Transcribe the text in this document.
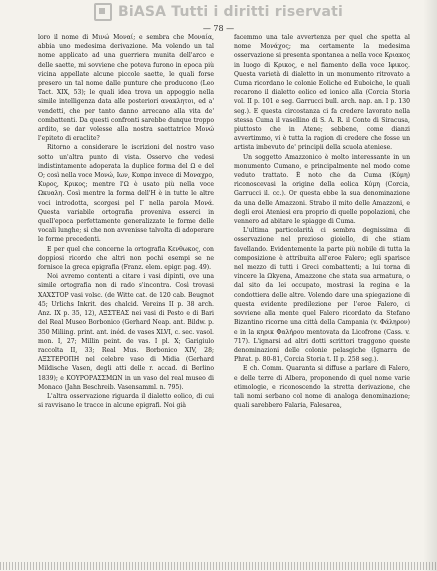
BiASA Tutti i diritti riservati
— 78 —

loro il nome di Μινώ Μοναί; e sembra che Μοναία, abbia uno medesima derivazione. Ma volendo un tal nome applicato ad una guerriera munita dell'arco e delle saette, mi sovviene che poteva furono in epoca più vicina appellate alcune piccole saette, le quali forse presero un tal nome dalle punture che producono (Leo Tact. XIX, 53); le quali idea trova un appoggio nella simile intelligenza data alle posteriori ανακλητοι, ed a' vendetti, che per tanto danno arrecano alla vita de' combattenti. Da questi confronti sarebbe dunque troppo ardito, se dar volesse alla nostra saettatrice Μονώ l'epiteto di eraclite?

Ritorno a considerare le iscrizioni del nostro vaso sotto un'altra punto di vista. Osservo che vedesi indistintamente adoperata la duplice forma del Ω e del Ο; così nella voce Μονώ, Ιων, Κυπρα invece di Μοναχρο, Κυρος, Κρικος; mentre l'Ω è usato più nella voce Ωκυαλη. Così mentre la forma dell'Η è in tutte le altre voci introdotta, scorgesi pel Γ nella parola Μονά. Questa variabile ortografia proveniva esserci in quell'epoca perfettamente generalizzate le forme delle vocali lunghe; sì che non avvenisse talvolta di adoperare le forme precedenti.

E per quel che concerne la ortografia Κενθωκος, con doppiosi ricordo che altri non pochi esempi se ne fornisce la greca epigrafia (Franz. elem. epigr. pag. 49).

Noi avremo contenti a citare i vasi dipinti, ove una simile ortografia non di rado s'incontra. Così trovasi ΧΑΧΣΤΟΡ vasi volsc. (de Witte cat. de 120 cab. Beugnot 45; Urlichs Inkrit. des chalcid. Vereins II p. 38 arch. Anz. IX p. 35, 12), ΑΞΣΤΕΑΣ nei vasi di Pesto e di Bari del Real Museo Borbonico (Gerhard Neap. ant. Bildw. p. 350 Miliing. print. ant. inéd. de vases XLVI, c. sec. vasol. mon. I, 27; Millin peint. de vas. I pl. X; Garigiulo raccolta II, 33; Real Mus. Borbonico XIV, 28; ΑΞΣΤΕΡΟΠΗ nel celebre vaso di Midia (Gerhard Mildische Vasen, degli atti delle r. accad. di Berlino 1839); e ΚΟΥΡΟΡΑΣΣΜΩΝ in un vaso del real museo di Monaco (Jahn Beschreib. Vasensamml. n. 795).

L'altra osservazione riguarda il dialetto eolico, di cui si ravvisano le tracce in alcune epigrafi. Noi già

facemmo una tale avvertenza per quel che spetta al nome Μονάχος; ma certamente la medesima osservazione si presenta spontanea a nella voce Κριακος in luogo di Κρικος, e nel fiamento della voce Ιφικος. Questa varietà di dialetto in un monumento ritrovato a Cuma ricordano le colonie Eoliche ed Euboiche, le quali recarono il dialetto eolico ed ionico alla (Corcia Storia vol. II p. 101 e seg. Garrucci bull. arch. nap. an. I p. 130 seg.). E questa circostanza ci fa credere lavorato nella stessa Cuma il vasellino di S. A. R. il Conte di Siracusa, piuttosto che in Atene; sebbene, come dianzi avvertimmo, vi è tutta la ragion di credere che fosse un artista imbevuto de' principii della scuola ateniese.

Un soggetto Amazzonico è molto interessante in un monumento Cumano, e principalmente nel modo come veduto trattato. È noto che da Cuma (Κύμη) riconoscevasi la origine della eolica Κύμη (Corcia, Garrucci il. cc.). Or questa ebbe la sua denominazione da una delle Amazzoni. Strabo il mito delle Amazzoni, e degli eroi Ateniesi era proprio di quelle popolazioni, che vennero ad abitare le spiagge di Cuma.

L'ultima particolarità ci sembra degnissima di osservazione nel prezioso gioiello, di che stiam favellando. Evidentemente la parte più nobile di tutta la composizione è attribuita all'eroe Falero; egli sparisce nel mezzo di tutti i Greci combattenti; a lui torna di vincere la Ωkyena, Amazzone che stata sua armatura, o dal sito da lei occupato, mostrasi la regina e la condottiera delle altre. Volendo dare una spiegazione di questa evidente predilezione per l'eroe Falero, ci sovviene alla mente quel Falero ricordato da Stefano Bizantino ricorne una città della Campania (v. Φάληρον) e in la κηρικ Φαλήρου mentovata da Licofrone (Cass. v. 717). L'ignarsi ad altri dotti scrittori traggono queste denominazioni delle colonie pelasgiche (Ignarra de Phrat. p. 80-81, Corcia Storia t. II p. 258 seg.).

E ch. Comm. Quaranta si diffuse a parlare di Falero, e delle terre di Albera, proponendo di quel nome varie etimologie, e riconoscendo la stretta derivazione, che tali nomi serbano col nome di analoga denominazione; quali sarebbero Falaria, Falesarea,
